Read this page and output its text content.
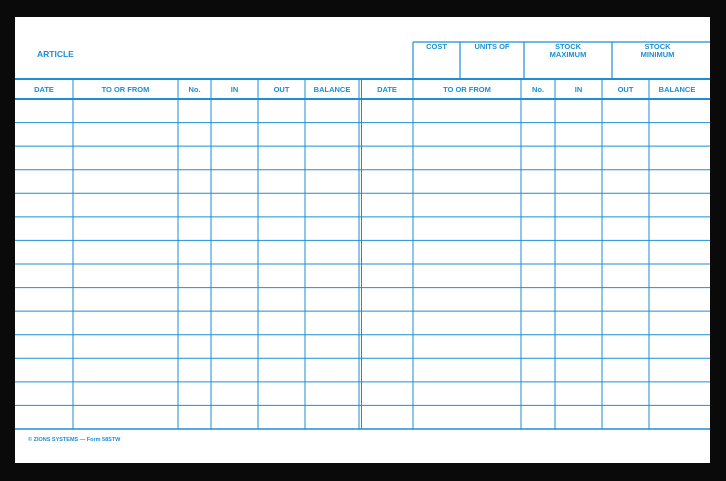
ARTICLE
COST	UNITS OF	STOCK
MAXIMUM
STOCK
MINIMUM
DATE	TO OR FROM	No.	IN	OUT	BALANCE	DATE	TO OR FROM	No.	IN	OUT	BALANCE
© ZIONS SYSTEMS — Form 58STW
